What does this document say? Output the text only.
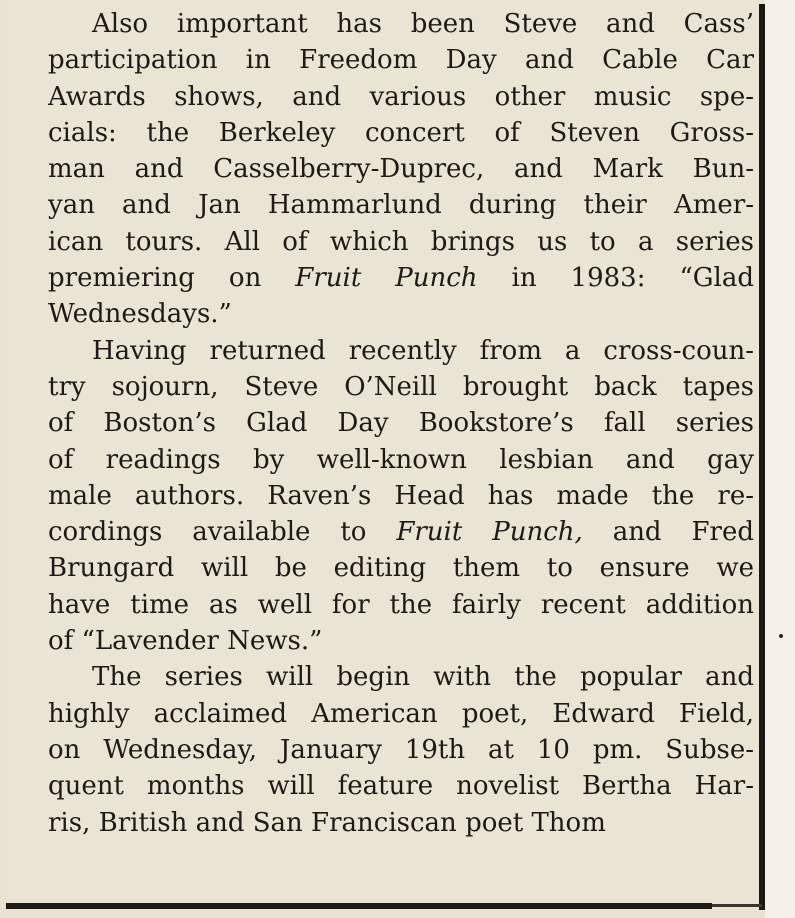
Also important has been Steve and Cass’
participation in Freedom Day and Cable Car
Awards shows, and various other music spe-
cials: the Berkeley concert of Steven Gross-
man and Casselberry-Duprec, and Mark Bun-
yan and Jan Hammarlund during their Amer-
ican tours. All of which brings us to a series
premiering on Fruit Punch in 1983: “Glad
Wednesdays.”
Having returned recently from a cross-coun-
try sojourn, Steve O’Neill brought back tapes
of Boston’s Glad Day Bookstore’s fall series
of readings by well-known lesbian and gay
male authors. Raven’s Head has made the re-
cordings available to Fruit Punch, and Fred
Brungard will be editing them to ensure we
have time as well for the fairly recent addition
of “Lavender News.”
The series will begin with the popular and
highly acclaimed American poet, Edward Field,
on Wednesday, January 19th at 10 pm. Subse-
quent months will feature novelist Bertha Har-
ris, British and San Franciscan poet Thom
